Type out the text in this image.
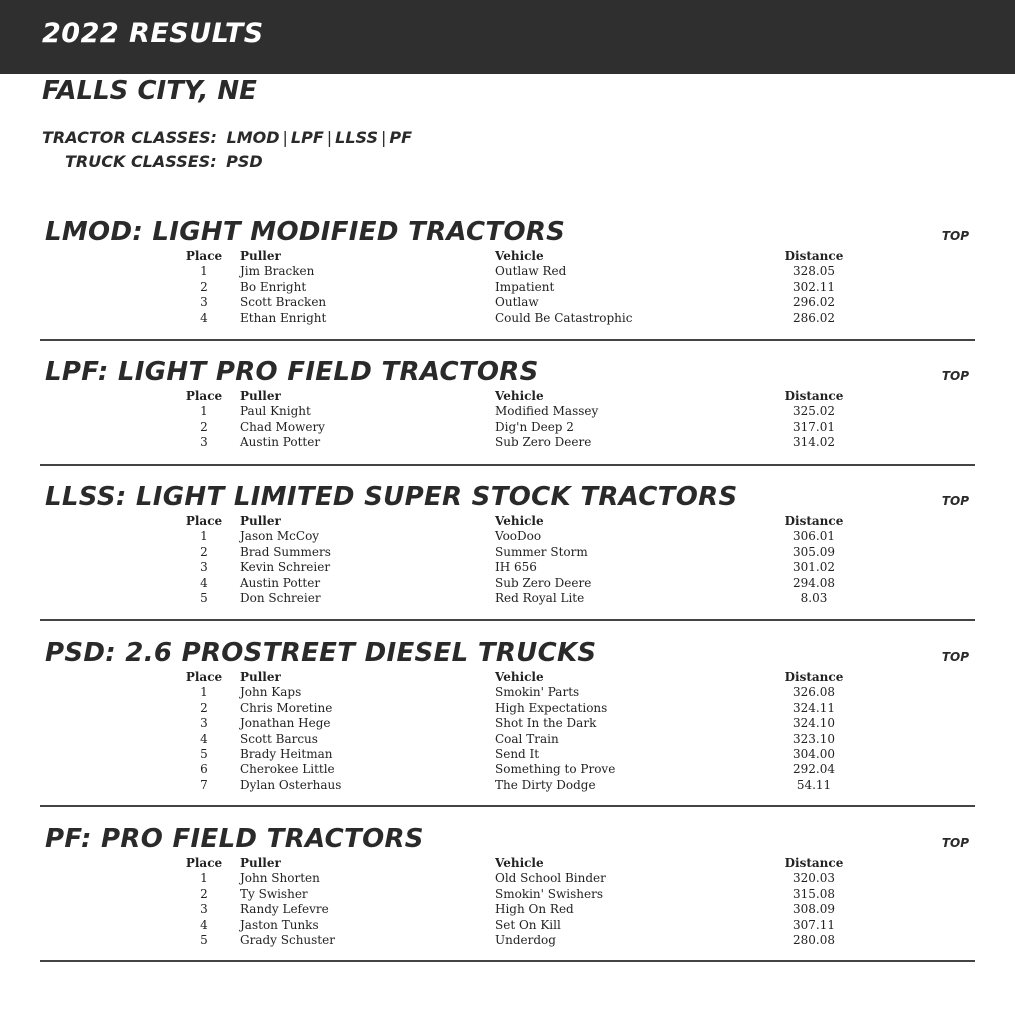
2022 RESULTS
FALLS CITY, NE
TRACTOR CLASSES: LMOD | LPF | LLSS | PF
TRUCK CLASSES: PSD
LMOD: LIGHT MODIFIED TRACTORS	TOP
Place	Puller	Vehicle	Distance
1	Jim Bracken	Outlaw Red	328.05
2	Bo Enright	Impatient	302.11
3	Scott Bracken	Outlaw	296.02
4	Ethan Enright	Could Be Catastrophic	286.02
LPF: LIGHT PRO FIELD TRACTORS	TOP
Place	Puller	Vehicle	Distance
1	Paul Knight	Modified Massey	325.02
2	Chad Mowery	Dig'n Deep 2	317.01
3	Austin Potter	Sub Zero Deere	314.02
LLSS: LIGHT LIMITED SUPER STOCK TRACTORS	TOP
Place	Puller	Vehicle	Distance
1	Jason McCoy	VooDoo	306.01
2	Brad Summers	Summer Storm	305.09
3	Kevin Schreier	IH 656	301.02
4	Austin Potter	Sub Zero Deere	294.08
5	Don Schreier	Red Royal Lite	8.03
PSD: 2.6 PROSTREET DIESEL TRUCKS	TOP
Place	Puller	Vehicle	Distance
1	John Kaps	Smokin' Parts	326.08
2	Chris Moretine	High Expectations	324.11
3	Jonathan Hege	Shot In the Dark	324.10
4	Scott Barcus	Coal Train	323.10
5	Brady Heitman	Send It	304.00
6	Cherokee Little	Something to Prove	292.04
7	Dylan Osterhaus	The Dirty Dodge	54.11
PF: PRO FIELD TRACTORS	TOP
Place	Puller	Vehicle	Distance
1	John Shorten	Old School Binder	320.03
2	Ty Swisher	Smokin' Swishers	315.08
3	Randy Lefevre	High On Red	308.09
4	Jaston Tunks	Set On Kill	307.11
5	Grady Schuster	Underdog	280.08
